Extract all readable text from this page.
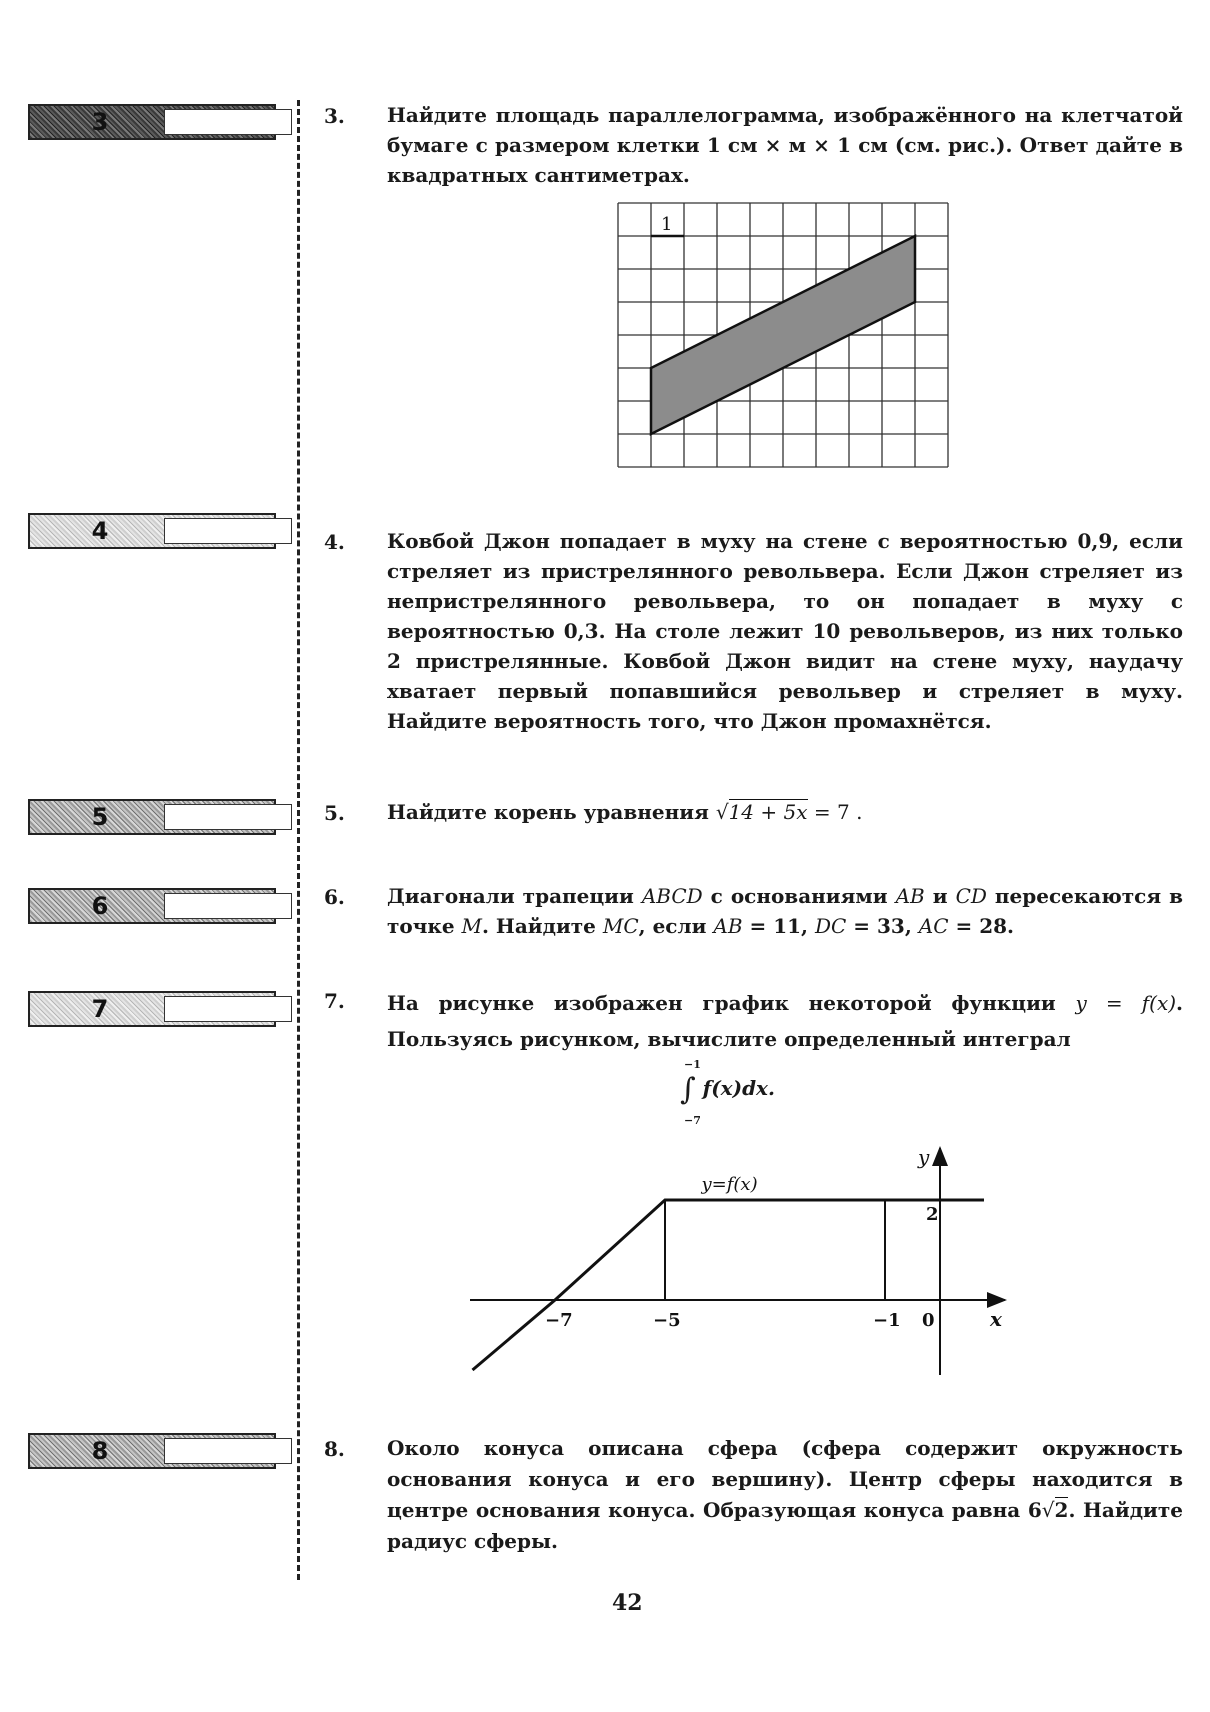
3
4
5
6
7
8
3. Найдите площадь параллелограмма, изображённого на клетчатой бумаге с размером клетки 1 см × м × 1 см (см. рис.). Ответ дайте в квадратных сантиметрах.
1
4. Ковбой Джон попадает в муху на стене с вероятностью 0,9, если стреляет из пристрелянного револьвера. Если Джон стреляет из непристрелянного револьвера, то он попадает в муху с вероятностью 0,3. На столе лежит 10 револьверов, из них только 2 пристрелянные. Ковбой Джон видит на стене муху, наудачу хватает первый попавшийся револьвер и стреляет в муху. Найдите вероятность того, что Джон промахнётся.
5. Найдите корень уравнения √14 + 5x = 7 .
6. Диагонали трапеции ABCD с основаниями AB и CD пересекаются в точке M. Найдите MC, если AB = 11, DC = 33, AC = 28.
7. На рисунке изображен график некоторой функции y = f(x). Пользуясь рисунком, вычислите определенный интеграл
−1
∫ f(x)dx.
−7
−7	−5	−1 0
2
x
y
y=f(x)
8. Около конуса описана сфера (сфера содержит окружность основания конуса и его вершину). Центр сферы находится в центре основания конуса. Образующая конуса равна 6√2. Найдите радиус сферы.
42
